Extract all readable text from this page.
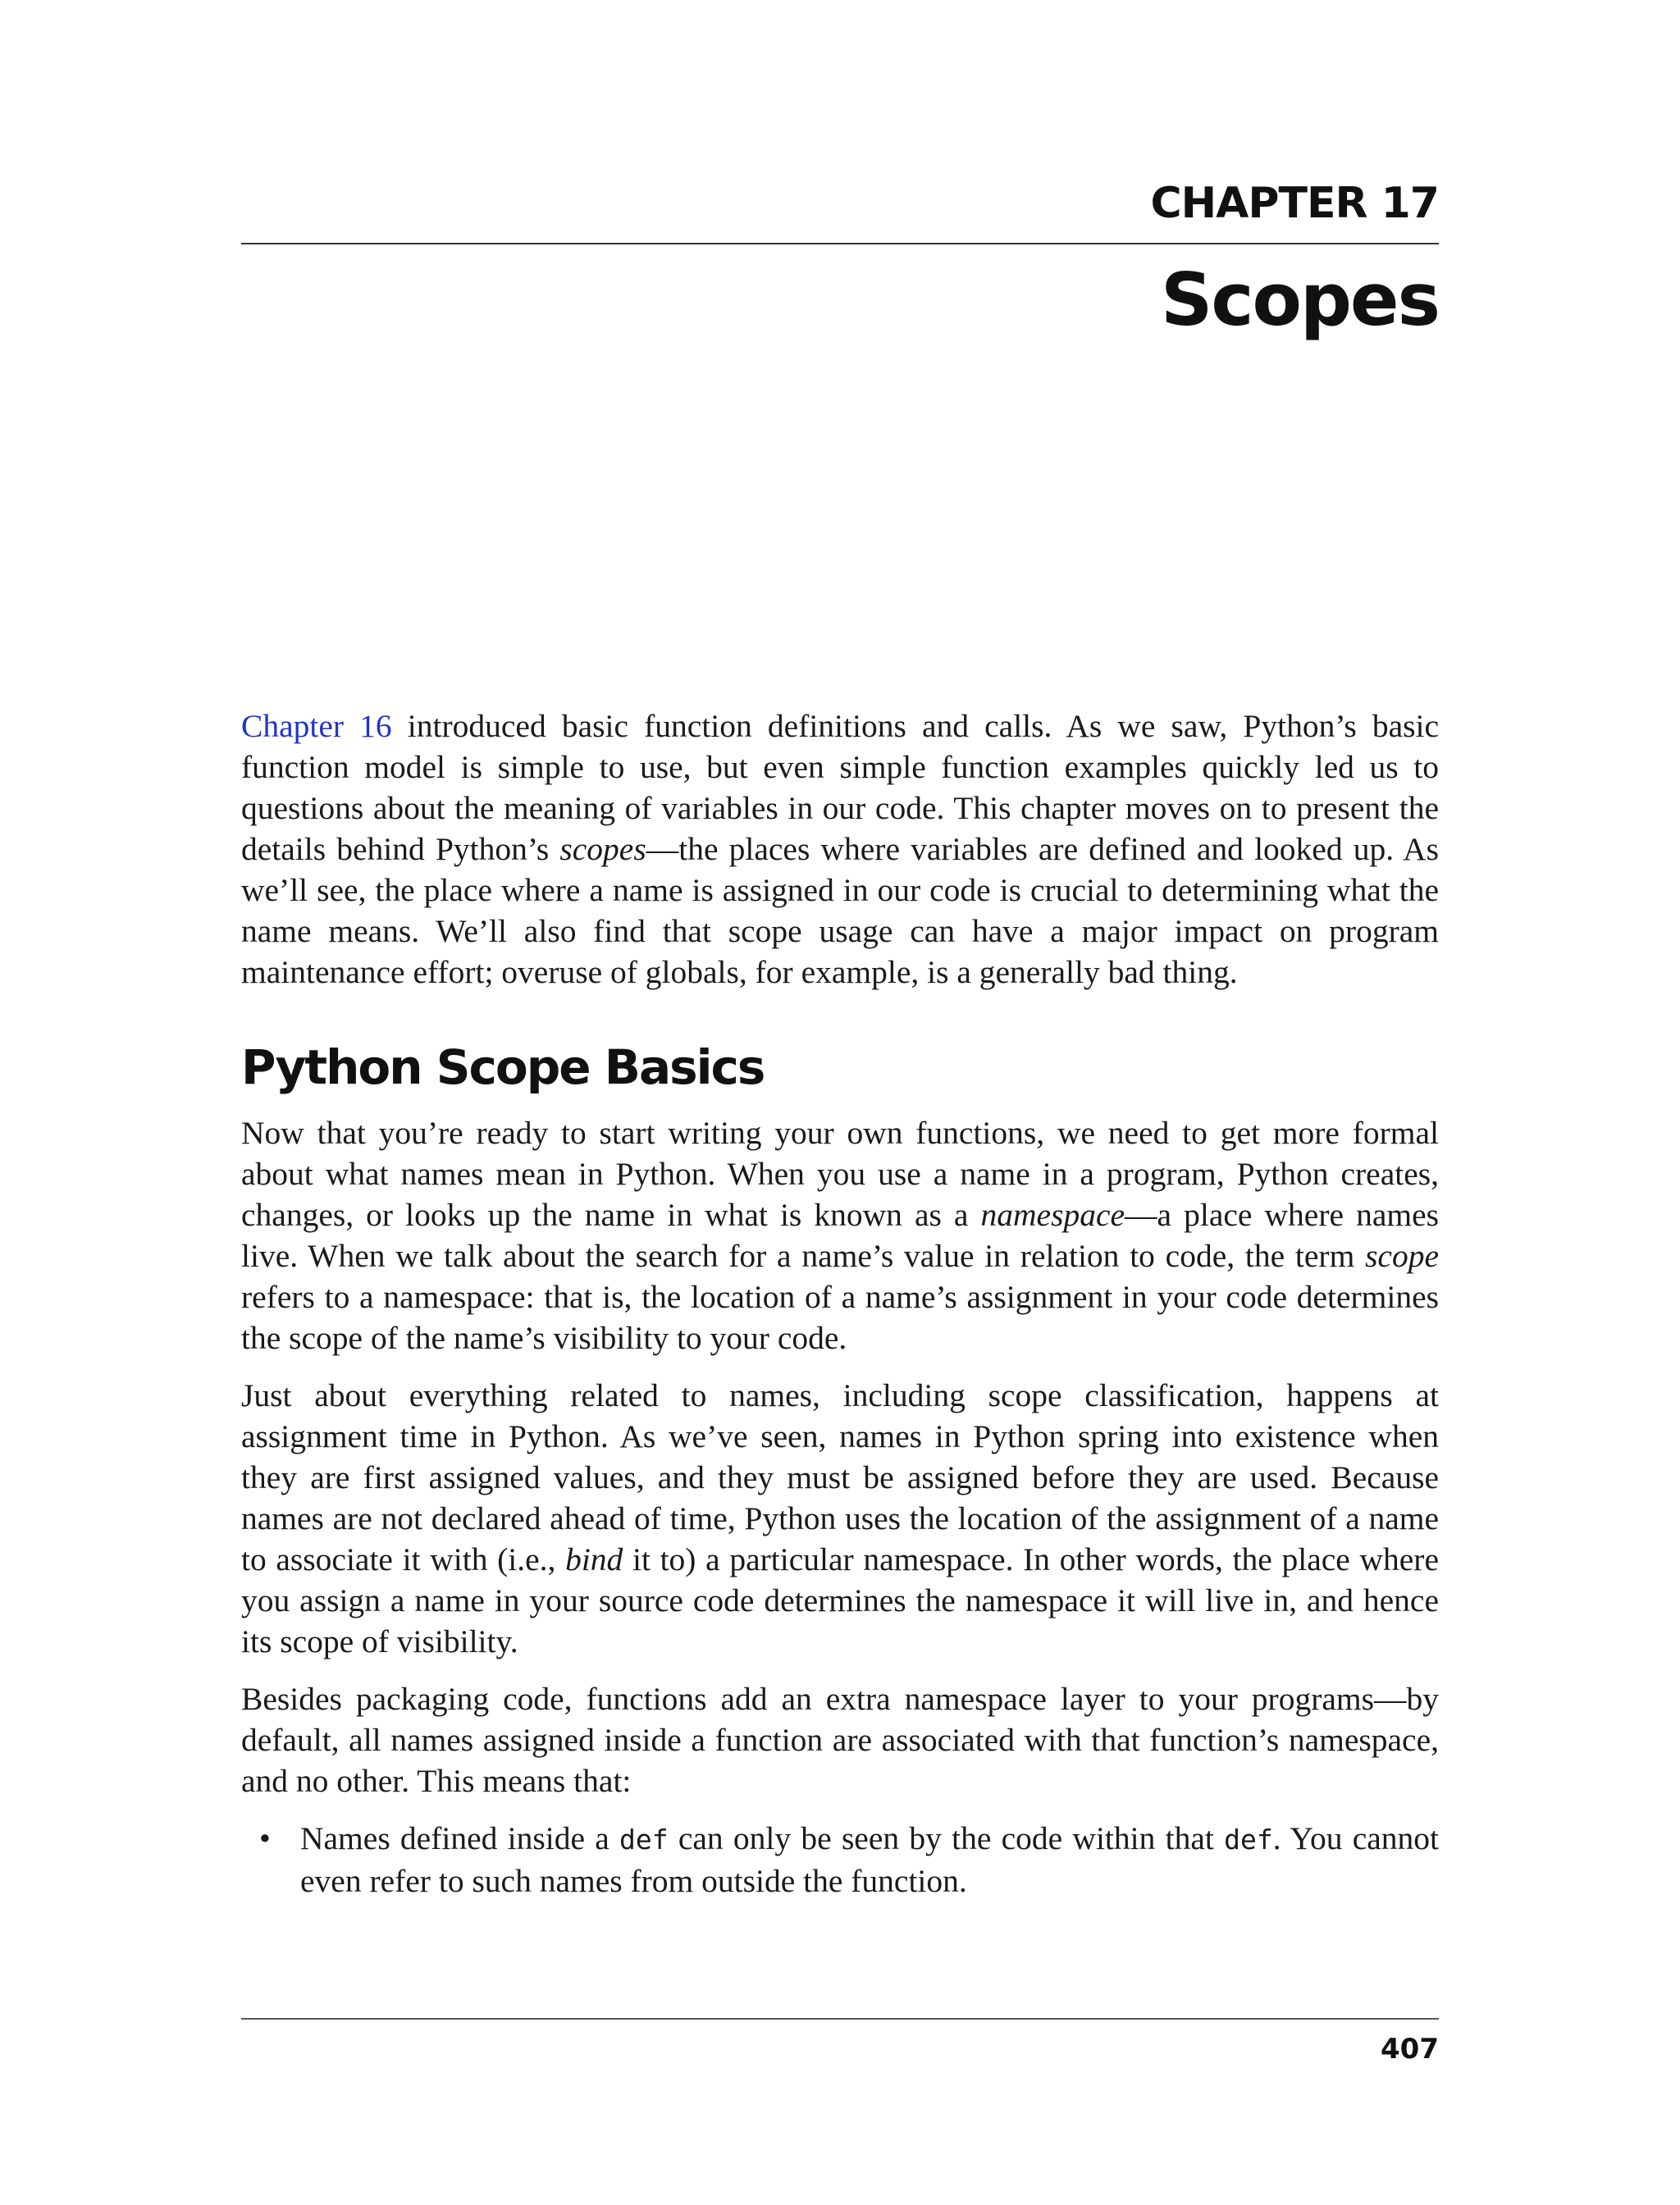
CHAPTER 17
Scopes

Chapter 16 introduced basic function definitions and calls. As we saw, Python’s basic function model is simple to use, but even simple function examples quickly led us to questions about the meaning of variables in our code. This chapter moves on to present the details behind Python’s scopes—the places where variables are defined and looked up. As we’ll see, the place where a name is assigned in our code is crucial to determining what the name means. We’ll also find that scope usage can have a major impact on program maintenance effort; overuse of globals, for example, is a generally bad thing.

Python Scope Basics

Now that you’re ready to start writing your own functions, we need to get more formal about what names mean in Python. When you use a name in a program, Python creates, changes, or looks up the name in what is known as a namespace—a place where names live. When we talk about the search for a name’s value in relation to code, the term scope refers to a namespace: that is, the location of a name’s assignment in your code determines the scope of the name’s visibility to your code.

Just about everything related to names, including scope classification, happens at assignment time in Python. As we’ve seen, names in Python spring into existence when they are first assigned values, and they must be assigned before they are used. Because names are not declared ahead of time, Python uses the location of the assignment of a name to associate it with (i.e., bind it to) a particular namespace. In other words, the place where you assign a name in your source code determines the namespace it will live in, and hence its scope of visibility.

Besides packaging code, functions add an extra namespace layer to your programs—by default, all names assigned inside a function are associated with that function’s namespace, and no other. This means that:

• Names defined inside a def can only be seen by the code within that def. You cannot even refer to such names from outside the function.
407
